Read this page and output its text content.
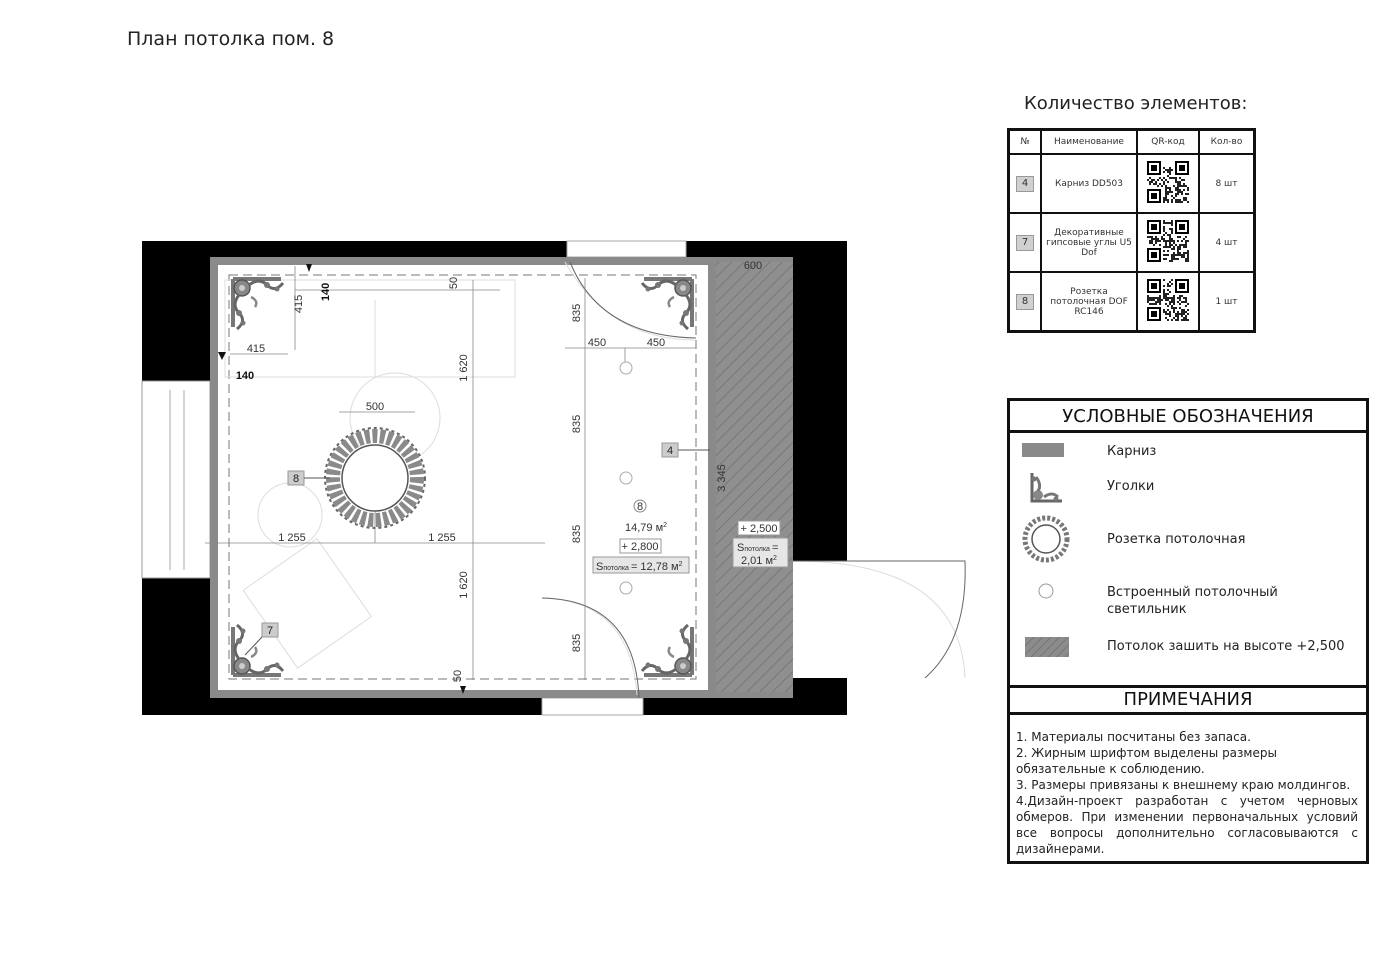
План потолка пом. 8
Количество элементов:
№	Наименование	QR-код	Кол-во
4	Карниз DD503		8 шт
7	Декоративные гипсовые углы U5 Dof		4 шт
8	Розетка потолочная DOF RC146		1 шт
УСЛОВНЫЕ ОБОЗНАЧЕНИЯ
Карниз
Уголки
Розетка потолочная
Встроенный потолочный светильник
Потолок зашить на высоте +2,500
ПРИМЕЧАНИЯ

1. Материалы посчитаны без запаса.

2. Жирным шрифтом выделены размеры обязательные к соблюдению.

3. Размеры привязаны к внешнему краю молдингов.

4.Дизайн-проект разработан с учетом черновых обмеров. При изменении первоначальных условий все вопросы дополнительно согласовываются с дизайнерами.

8
4
7
600
50
140
415
415
140
835
835
835
835
450	450
1 620
1 620
500
1 255	1 255
50
3 345
8
14,79 $м^2$
+ 2,800
Sпотолка = 12,78 $м^2$
+ 2,500
Sпотолка =
2,01 $м^2$
